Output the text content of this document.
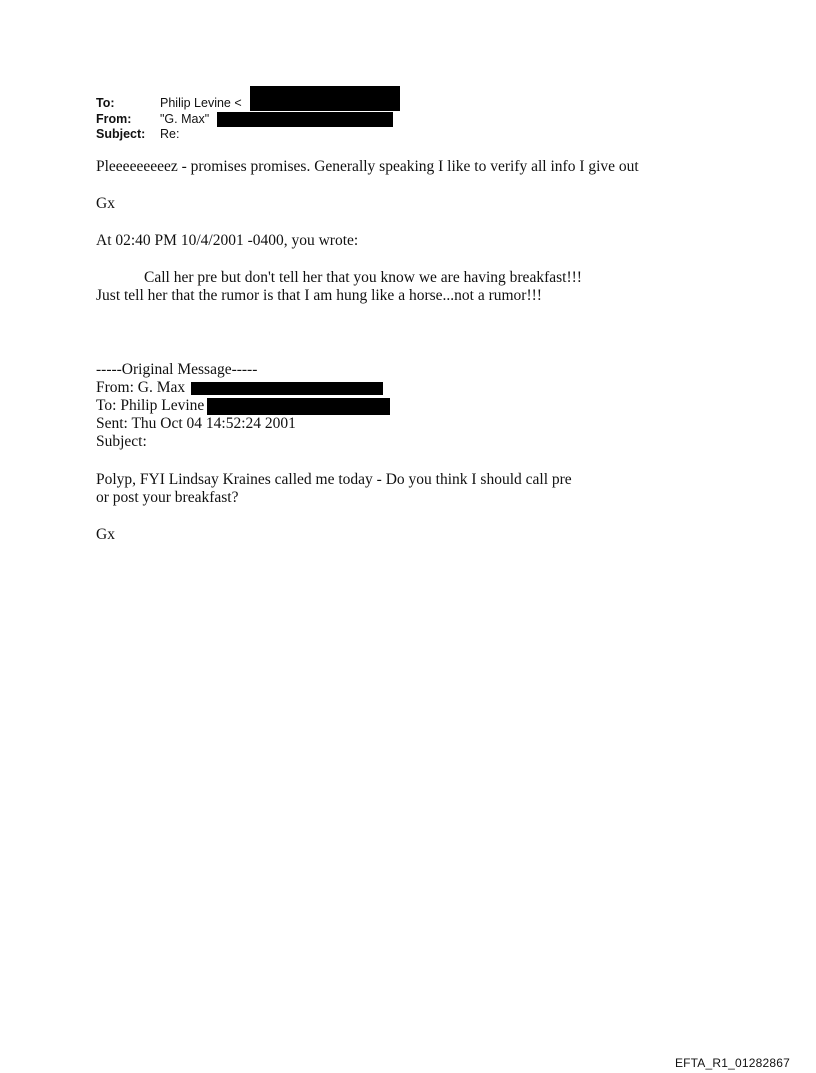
To:	Philip Levine <
From:	"G. Max"
Subject:	Re:
Pleeeeeeeeez - promises promises. Generally speaking I like to verify all info I give out
Gx
At 02:40 PM 10/4/2001 -0400, you wrote:
Call her pre but don't tell her that you know we are having breakfast!!!
Just tell her that the rumor is that I am hung like a horse...not a rumor!!!
-----Original Message-----
From: G. Max
To: Philip Levine
Sent: Thu Oct 04 14:52:24 2001
Subject:
Polyp, FYI Lindsay Kraines called me today - Do you think I should call pre
or post your breakfast?
Gx
EFTA_R1_01282867
